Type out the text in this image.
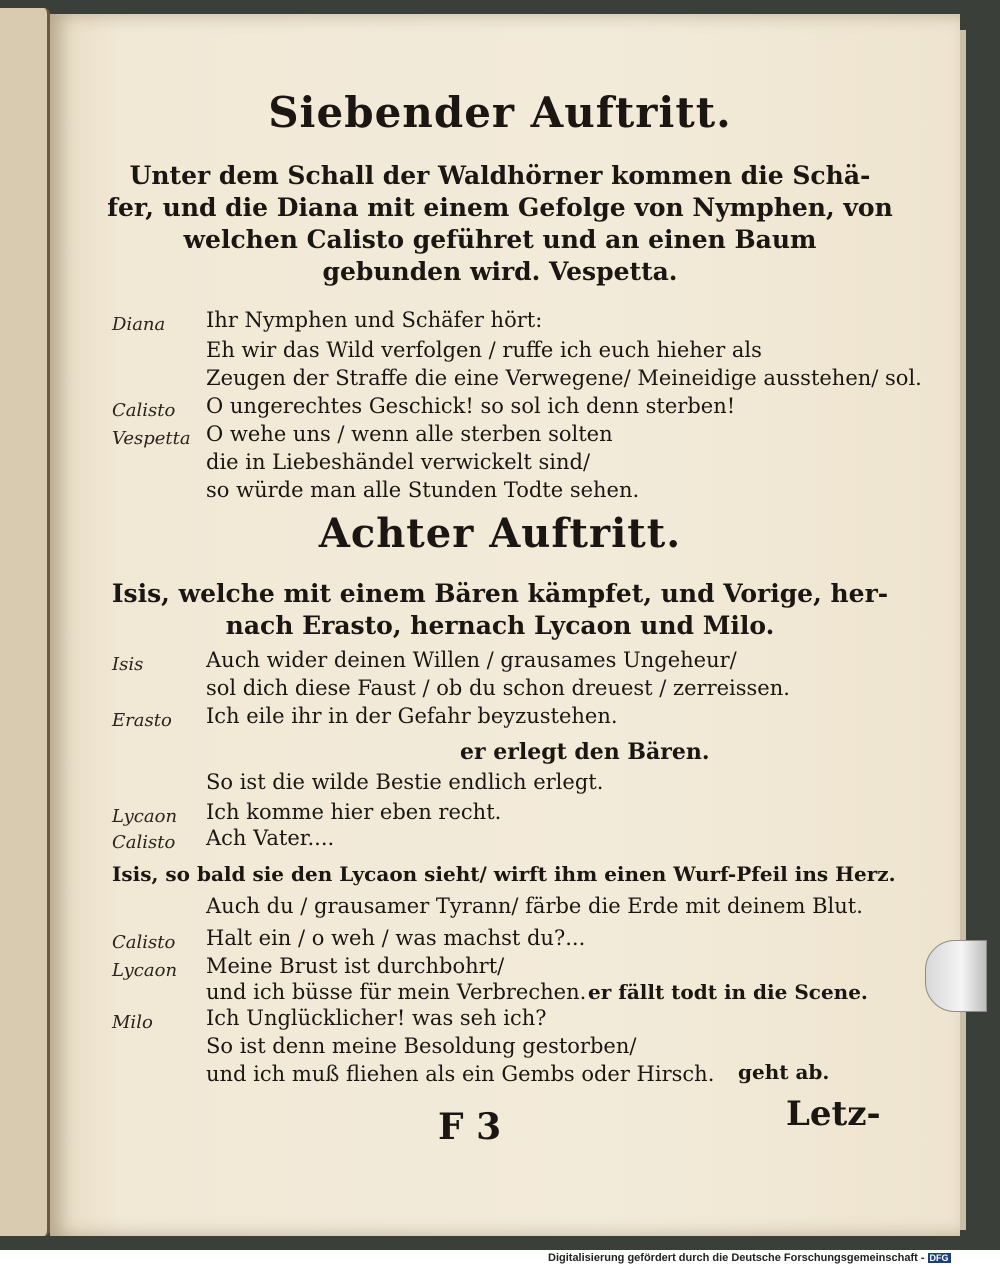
Siebender Auftritt.
Unter dem Schall der Waldhörner kommen die Schä-
fer, und die Diana mit einem Gefolge von Nymphen, von
welchen Calisto geführet und an einen Baum
gebunden wird. Vespetta.
Diana Ihr Nymphen und Schäfer hört:
Eh wir das Wild verfolgen / ruffe ich euch hieher als
Zeugen der Straffe die eine Verwegene/ Meineidige ausstehen/ sol.
Calisto O ungerechtes Geschick! so sol ich denn sterben!
Vespetta O wehe uns / wenn alle sterben solten
die in Liebeshändel verwickelt sind/
so würde man alle Stunden Todte sehen.
Achter Auftritt.
Isis, welche mit einem Bären kämpfet, und Vorige, her-
nach Erasto, hernach Lycaon und Milo.
Isis	Auch wider deinen Willen / grausames Ungeheur/
sol dich diese Faust / ob du schon dreuest / zerreissen.
Erasto Ich eile ihr in der Gefahr beyzustehen.
er erlegt den Bären.
So ist die wilde Bestie endlich erlegt.
Lycaon Ich komme hier eben recht.
Calisto Ach Vater....
Isis, so bald sie den Lycaon sieht/ wirft ihm einen Wurf-Pfeil ins Herz.
Auch du / grausamer Tyrann/ färbe die Erde mit deinem Blut.
Calisto Halt ein / o weh / was machst du?...
Lycaon Meine Brust ist durchbohrt/
und ich büsse für mein Verbrechen. er fällt todt in die Scene.
Milo	Ich Unglücklicher! was seh ich?
So ist denn meine Besoldung gestorben/
und ich muß fliehen als ein Gembs oder Hirsch. geht ab.
F 3	Letz-
Digitalisierung gefördert durch die Deutsche Forschungsgemeinschaft - DFG
